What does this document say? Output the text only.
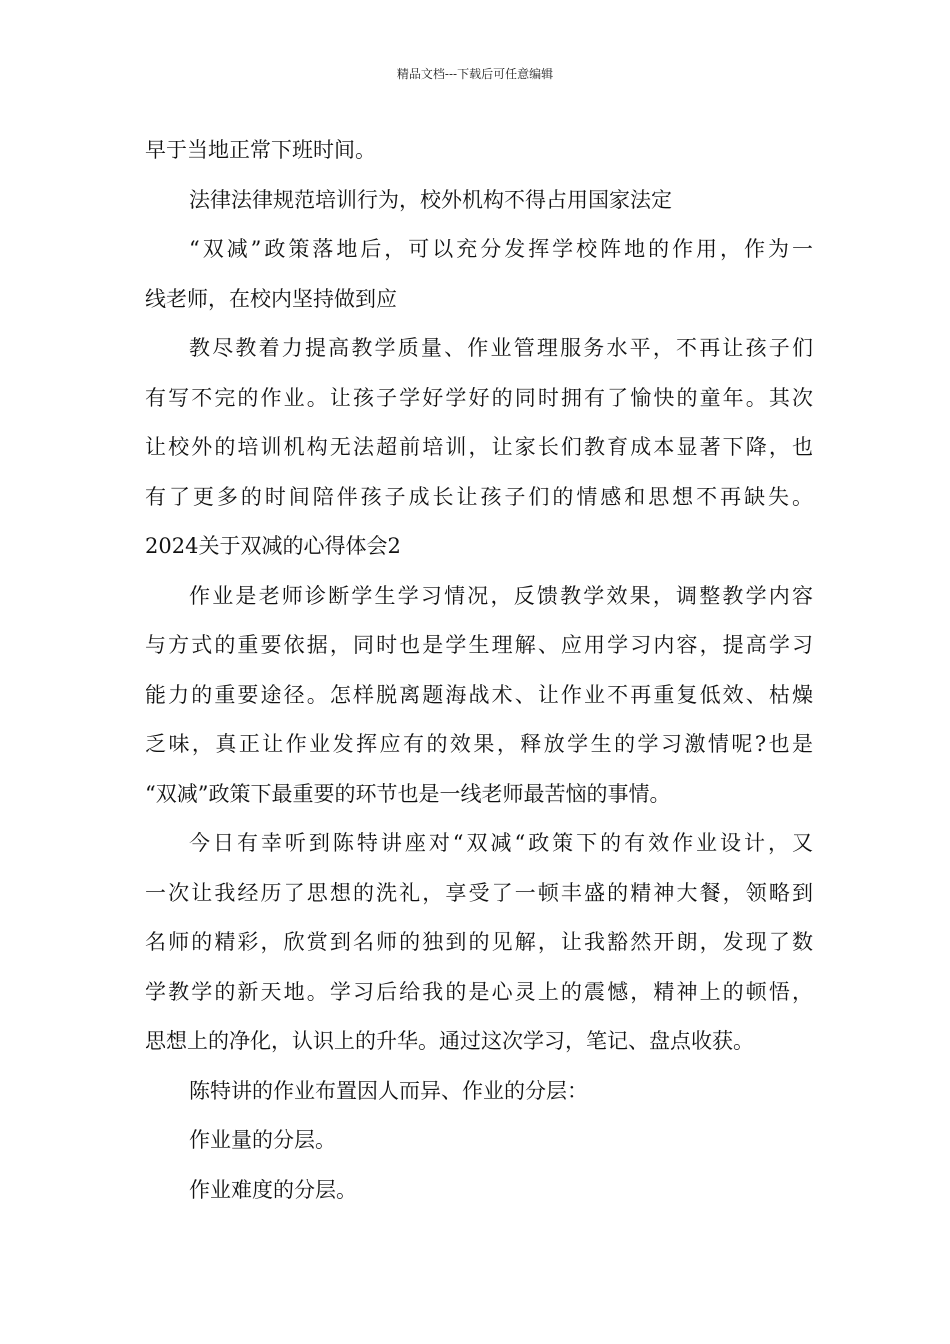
精品文档---下载后可任意编辑
早于当地正常下班时间。
法律法律规范培训行为，校外机构不得占用国家法定
“双减”政策落地后，可以充分发挥学校阵地的作用，作为一
线老师，在校内坚持做到应
教尽教着力提高教学质量、作业管理服务水平，不再让孩子们
有写不完的作业。让孩子学好学好的同时拥有了愉快的童年。其次
让校外的培训机构无法超前培训，让家长们教育成本显著下降，也
有了更多的时间陪伴孩子成长让孩子们的情感和思想不再缺失。
2024关于双减的心得体会2
作业是老师诊断学生学习情况，反馈教学效果，调整教学内容
与方式的重要依据，同时也是学生理解、应用学习内容，提高学习
能力的重要途径。怎样脱离题海战术、让作业不再重复低效、枯燥
乏味，真正让作业发挥应有的效果，释放学生的学习激情呢?也是
“双减”政策下最重要的环节也是一线老师最苦恼的事情。
今日有幸听到陈特讲座对“双减“政策下的有效作业设计，又
一次让我经历了思想的洗礼，享受了一顿丰盛的精神大餐，领略到
名师的精彩，欣赏到名师的独到的见解，让我豁然开朗，发现了数
学教学的新天地。学习后给我的是心灵上的震憾，精神上的顿悟，
思想上的净化，认识上的升华。通过这次学习，笔记、盘点收获。
陈特讲的作业布置因人而异、作业的分层：
作业量的分层。
作业难度的分层。
